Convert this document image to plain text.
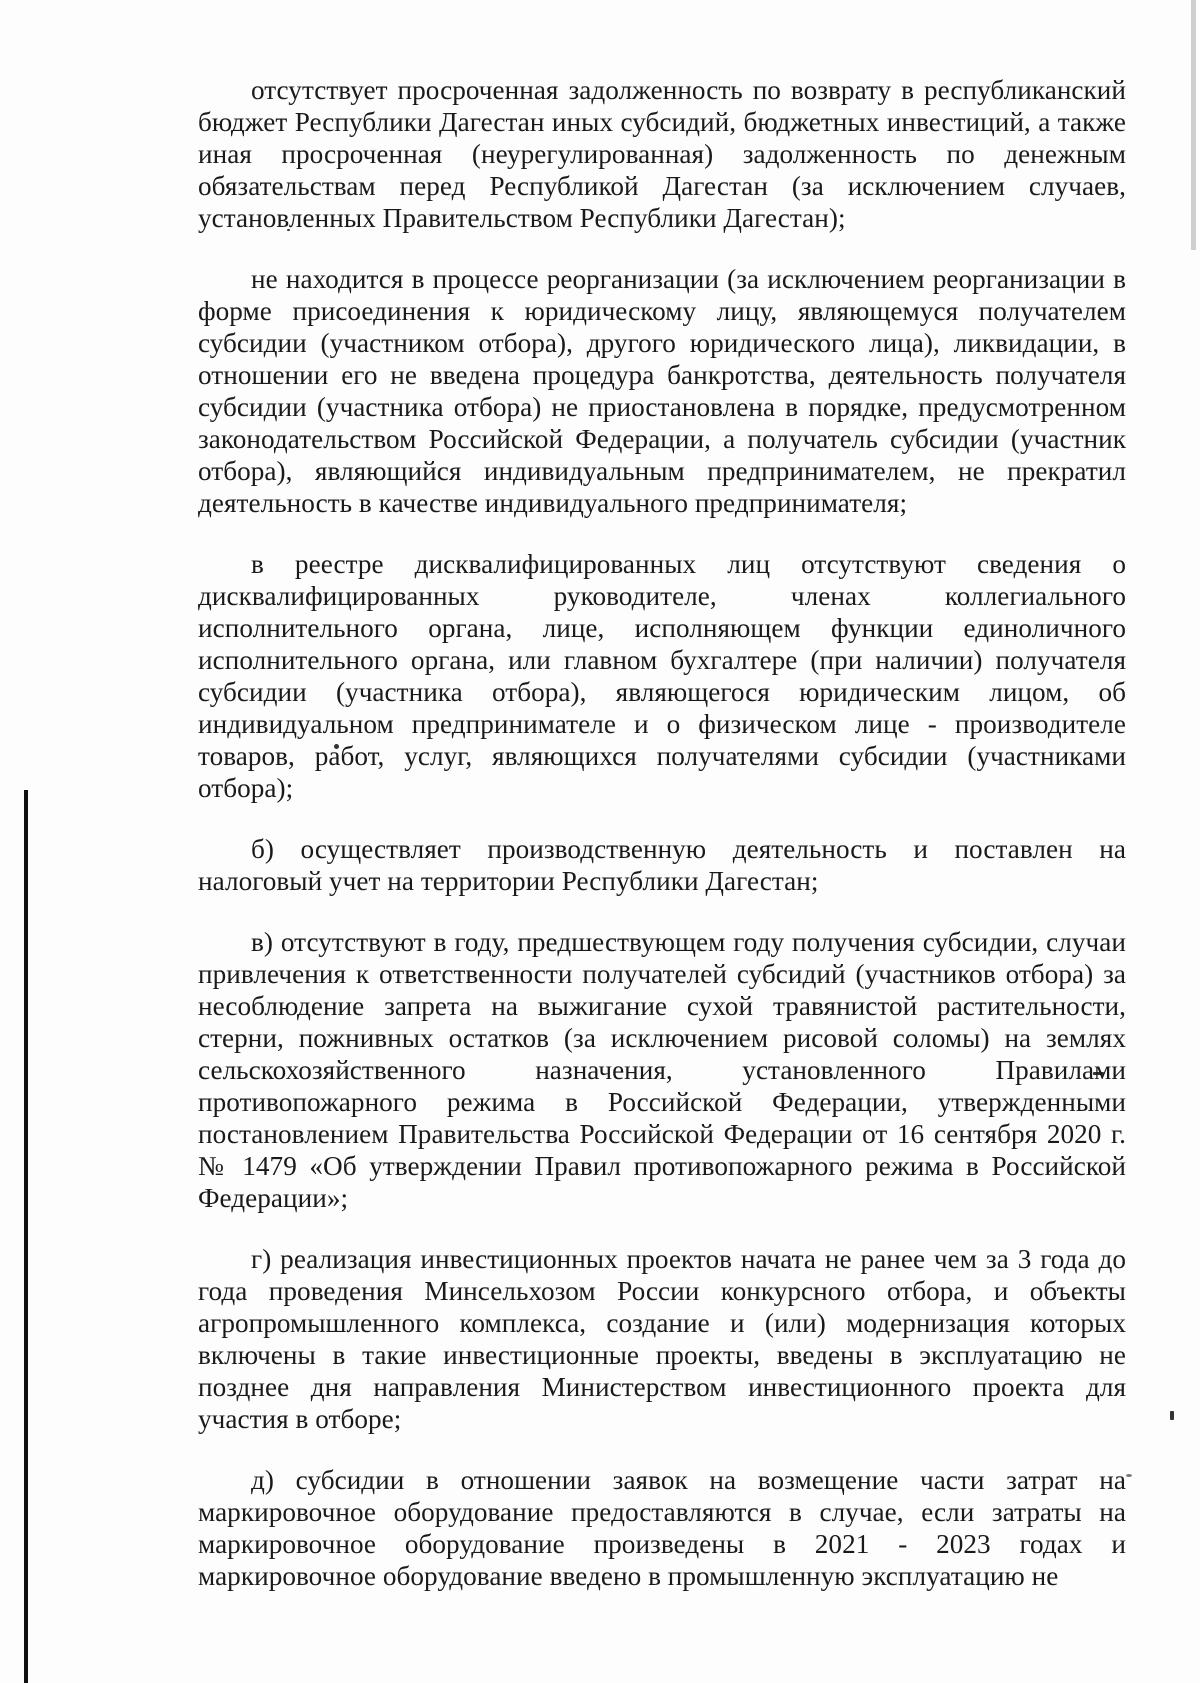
отсутствует просроченная задолженность по возврату в республиканский бюджет Республики Дагестан иных субсидий, бюджетных инвестиций, а также иная просроченная (неурегулированная) задолженность по денежным обязательствам перед Республикой Дагестан (за исключением случаев, установленных Правительством Республики Дагестан);

не находится в процессе реорганизации (за исключением реорганизации в форме присоединения к юридическому лицу, являющемуся получателем субсидии (участником отбора), другого юридического лица), ликвидации, в отношении его не введена процедура банкротства, деятельность получателя субсидии (участника отбора) не приостановлена в порядке, предусмотренном законодательством Российской Федерации, а получатель субсидии (участник отбора), являющийся индивидуальным предпринимателем, не прекратил деятельность в качестве индивидуального предпринимателя;

в реестре дисквалифицированных лиц отсутствуют сведения о дисквалифицированных руководителе, членах коллегиального исполнительного органа, лице, исполняющем функции единоличного исполнительного органа, или главном бухгалтере (при наличии) получателя субсидии (участника отбора), являющегося юридическим лицом, об индивидуальном предпринимателе и о физическом лице - производителе товаров, работ, услуг, являющихся получателями субсидии (участниками отбора);

б) осуществляет производственную деятельность и поставлен на налоговый учет на территории Республики Дагестан;

в) отсутствуют в году, предшествующем году получения субсидии, случаи привлечения к ответственности получателей субсидий (участников отбора) за несоблюдение запрета на выжигание сухой травянистой растительности, стерни, пожнивных остатков (за исключением рисовой соломы) на землях сельскохозяйственного назначения, установленного Правилами противопожарного режима в Российской Федерации, утвержденными постановлением Правительства Российской Федерации от 16 сентября 2020 г. № 1479 «Об утверждении Правил противопожарного режима в Российской Федерации»;

г) реализация инвестиционных проектов начата не ранее чем за 3 года до года проведения Минсельхозом России конкурсного отбора, и объекты агропромышленного комплекса, создание и (или) модернизация которых включены в такие инвестиционные проекты, введены в эксплуатацию не позднее дня направления Министерством инвестиционного проекта для участия в отборе;

д) субсидии в отношении заявок на возмещение части затрат на маркировочное оборудование предоставляются в случае, если затраты на маркировочное оборудование произведены в 2021 - 2023 годах и маркировочное оборудование введено в промышленную эксплуатацию не
